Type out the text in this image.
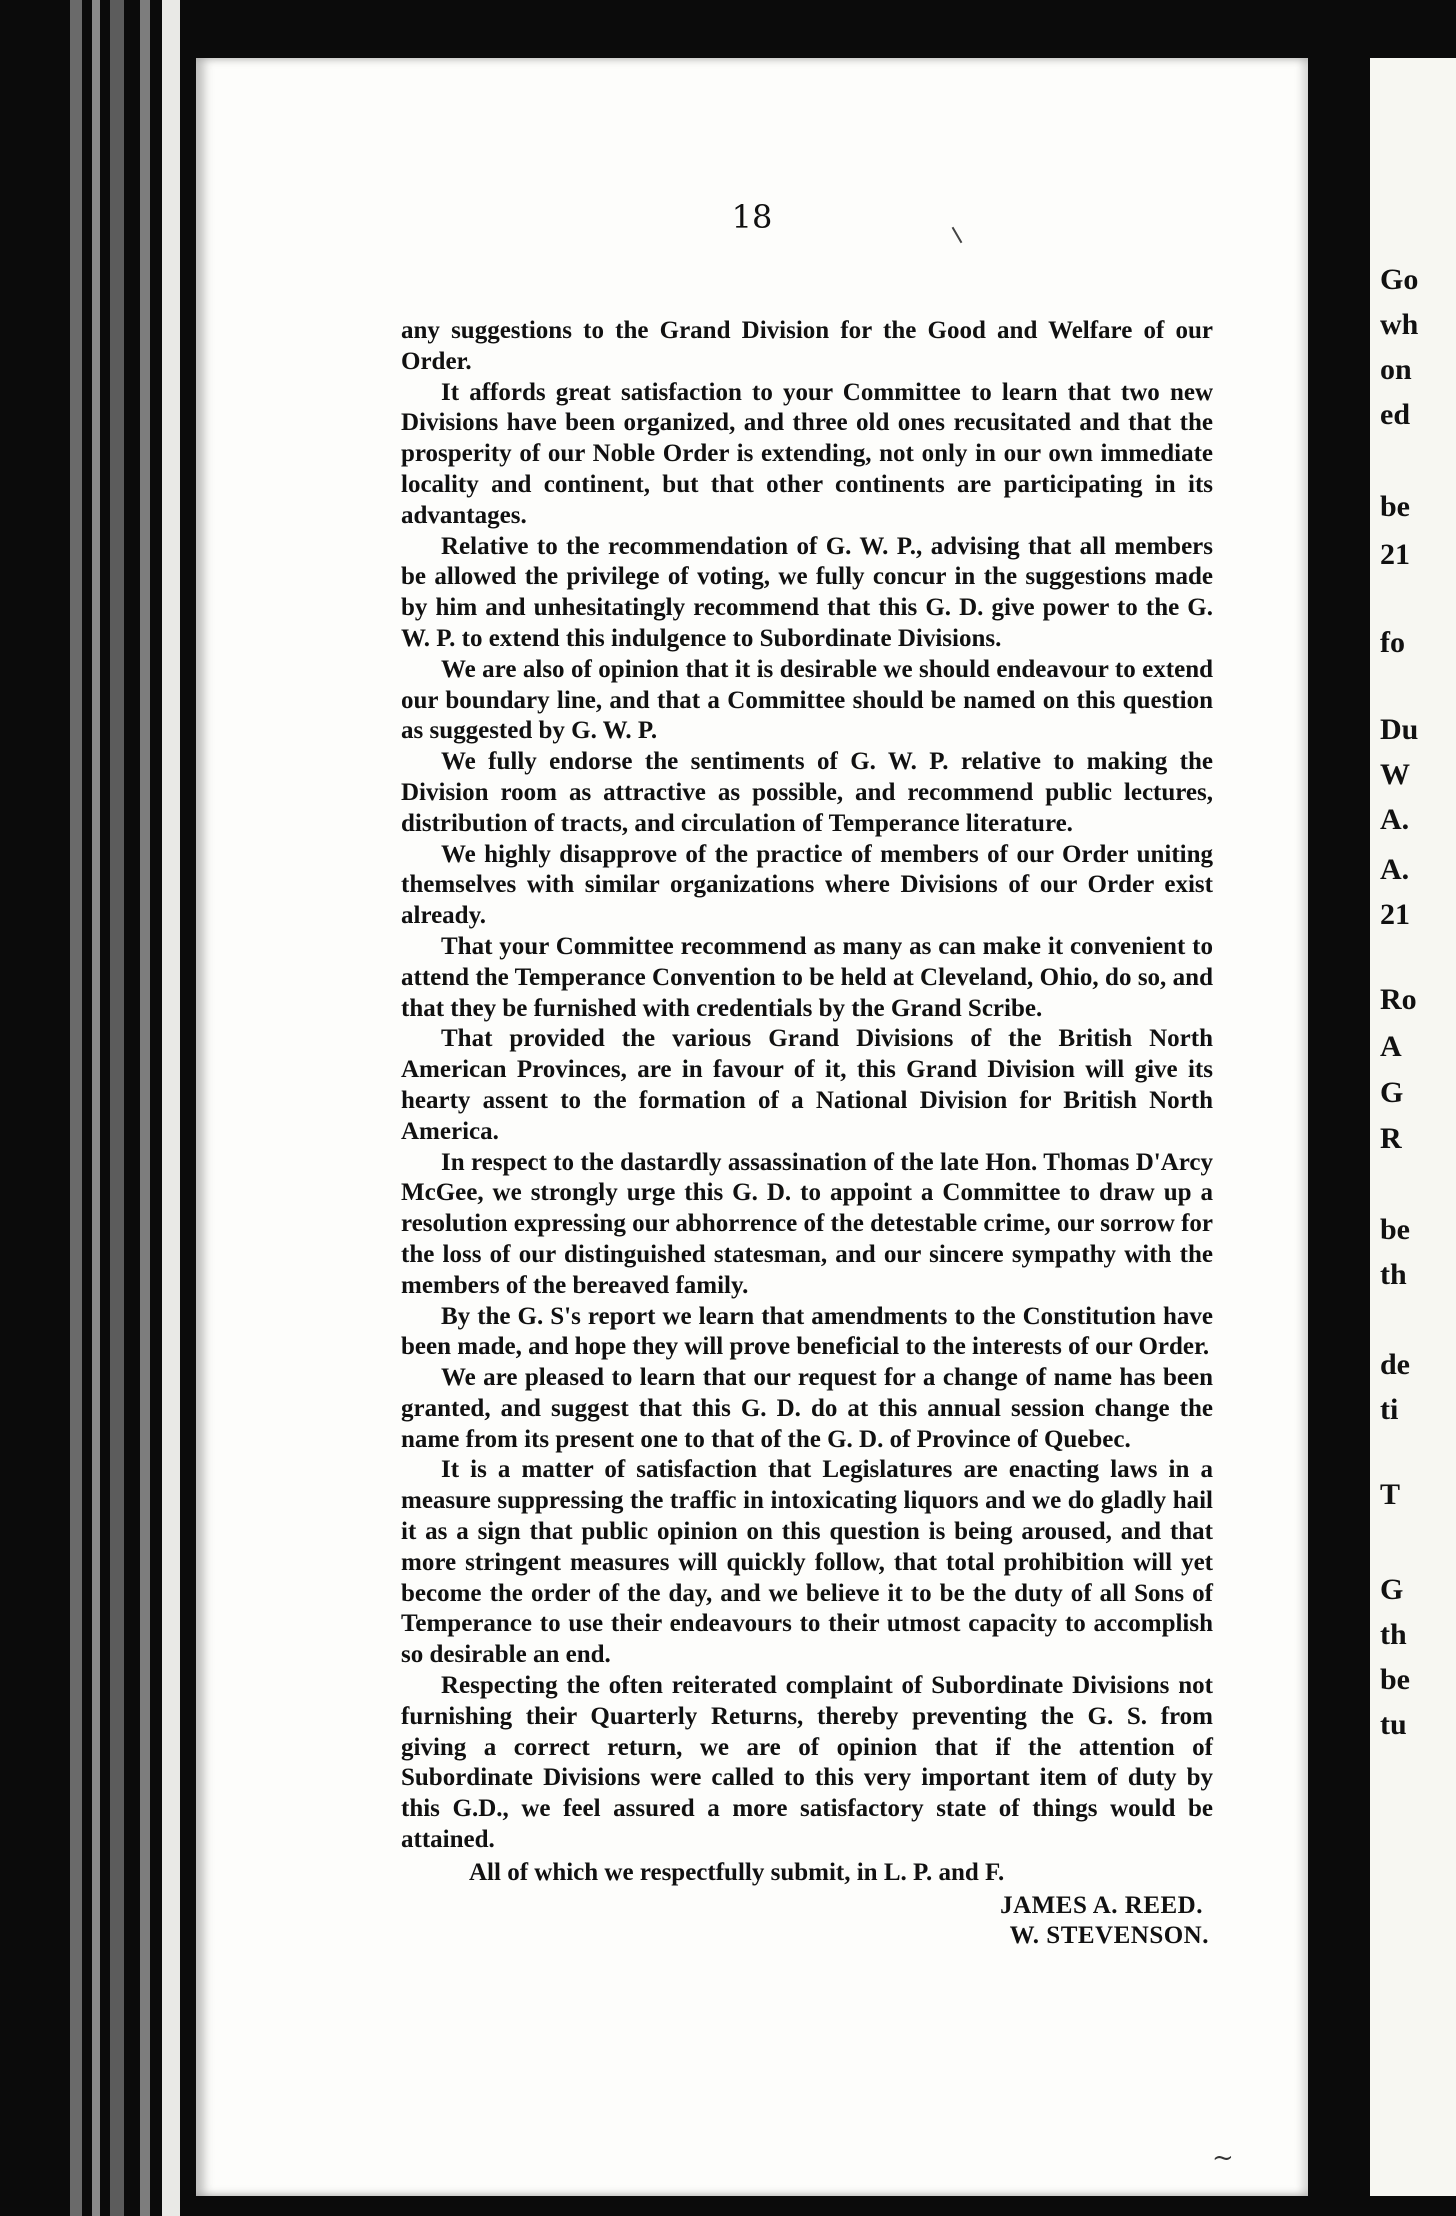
18

any suggestions to the Grand Division for the Good and Welfare of our Order.

It affords great satisfaction to your Committee to learn that two new Divisions have been organized, and three old ones recusitated and that the prosperity of our Noble Order is extending, not only in our own immediate locality and continent, but that other continents are participating in its advantages.

Relative to the recommendation of G. W. P., advising that all members be allowed the privilege of voting, we fully concur in the suggestions made by him and unhesitatingly recommend that this G. D. give power to the G. W. P. to extend this indulgence to Subordinate Divisions.

We are also of opinion that it is desirable we should endeavour to extend our boundary line, and that a Committee should be named on this question as suggested by G. W. P.

We fully endorse the sentiments of G. W. P. relative to making the Division room as attractive as possible, and recommend public lectures, distribution of tracts, and circulation of Temperance literature.

We highly disapprove of the practice of members of our Order uniting themselves with similar organizations where Divisions of our Order exist already.

That your Committee recommend as many as can make it convenient to attend the Temperance Convention to be held at Cleveland, Ohio, do so, and that they be furnished with credentials by the Grand Scribe.

That provided the various Grand Divisions of the British North American Provinces, are in favour of it, this Grand Division will give its hearty assent to the formation of a National Division for British North America.

In respect to the dastardly assassination of the late Hon. Thomas D'Arcy McGee, we strongly urge this G. D. to appoint a Committee to draw up a resolution expressing our abhorrence of the detestable crime, our sorrow for the loss of our distinguished statesman, and our sincere sympathy with the members of the bereaved family.

By the G. S's report we learn that amendments to the Constitution have been made, and hope they will prove beneficial to the interests of our Order.

We are pleased to learn that our request for a change of name has been granted, and suggest that this G. D. do at this annual session change the name from its present one to that of the G. D. of Province of Quebec.

It is a matter of satisfaction that Legislatures are enacting laws in a measure suppressing the traffic in intoxicating liquors and we do gladly hail it as a sign that public opinion on this question is being aroused, and that more stringent measures will quickly follow, that total prohibition will yet become the order of the day, and we believe it to be the duty of all Sons of Temperance to use their endeavours to their utmost capacity to accomplish so desirable an end.

Respecting the often reiterated complaint of Subordinate Divisions not furnishing their Quarterly Returns, thereby preventing the G. S. from giving a correct return, we are of opinion that if the attention of Subordinate Divisions were called to this very important item of duty by this G.D., we feel assured a more satisfactory state of things would be attained.

All of which we respectfully submit, in L. P. and F.

JAMES A. REED.
W. STEVENSON.
~
Go
wh
on
ed
be
21
fo
Du
W
A.
A.
21
Ro
A
G
R
be
th
de
ti
T
G
th
be
tu
